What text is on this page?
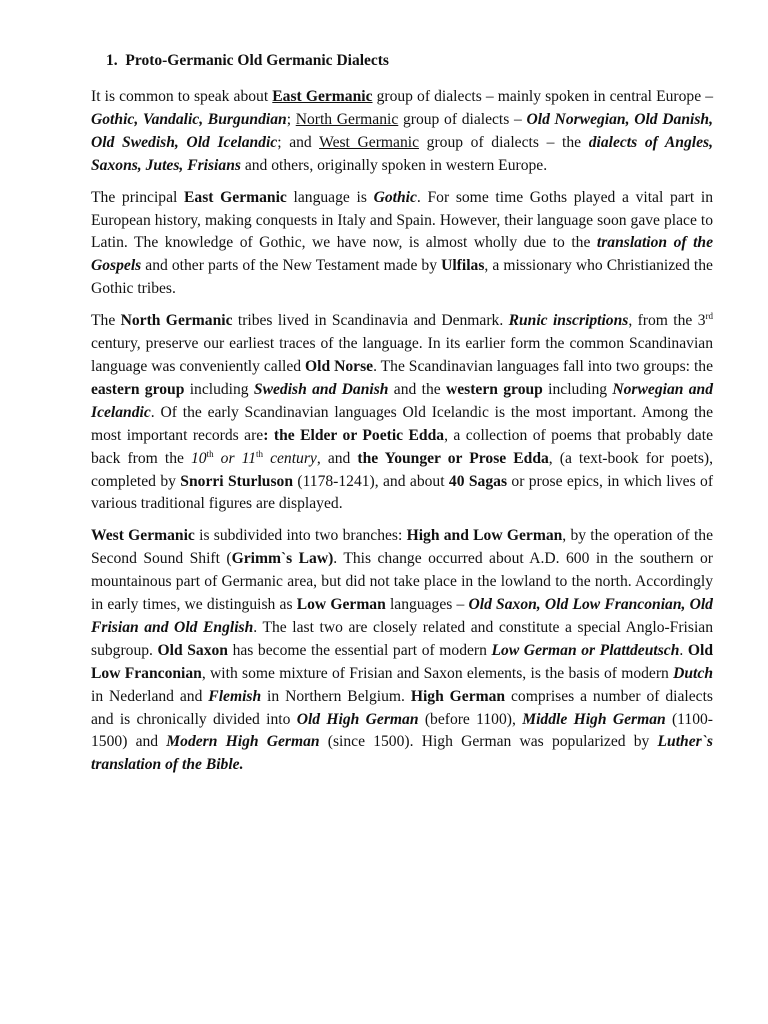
1. Proto-Germanic Old Germanic Dialects

It is common to speak about East Germanic group of dialects – mainly spoken in central Europe – Gothic, Vandalic, Burgundian; North Germanic group of dialects – Old Norwegian, Old Danish, Old Swedish, Old Icelandic; and West Germanic group of dialects – the dialects of Angles, Saxons, Jutes, Frisians and others, originally spoken in western Europe.

The principal East Germanic language is Gothic. For some time Goths played a vital part in European history, making conquests in Italy and Spain. However, their language soon gave place to Latin. The knowledge of Gothic, we have now, is almost wholly due to the translation of the Gospels and other parts of the New Testament made by Ulfilas, a missionary who Christianized the Gothic tribes.

The North Germanic tribes lived in Scandinavia and Denmark. Runic inscriptions, from the 3rd century, preserve our earliest traces of the language. In its earlier form the common Scandinavian language was conveniently called Old Norse. The Scandinavian languages fall into two groups: the eastern group including Swedish and Danish and the western group including Norwegian and Icelandic. Of the early Scandinavian languages Old Icelandic is the most important. Among the most important records are: the Elder or Poetic Edda, a collection of poems that probably date back from the 10th or 11th century, and the Younger or Prose Edda, (a text-book for poets), completed by Snorri Sturluson (1178-1241), and about 40 Sagas or prose epics, in which lives of various traditional figures are displayed.

West Germanic is subdivided into two branches: High and Low German, by the operation of the Second Sound Shift (Grimm`s Law). This change occurred about A.D. 600 in the southern or mountainous part of Germanic area, but did not take place in the lowland to the north. Accordingly in early times, we distinguish as Low German languages – Old Saxon, Old Low Franconian, Old Frisian and Old English. The last two are closely related and constitute a special Anglo-Frisian subgroup. Old Saxon has become the essential part of modern Low German or Plattdeutsch. Old Low Franconian, with some mixture of Frisian and Saxon elements, is the basis of modern Dutch in Nederland and Flemish in Northern Belgium. High German comprises a number of dialects and is chronically divided into Old High German (before 1100), Middle High German (1100-1500) and Modern High German (since 1500). High German was popularized by Luther`s translation of the Bible.
